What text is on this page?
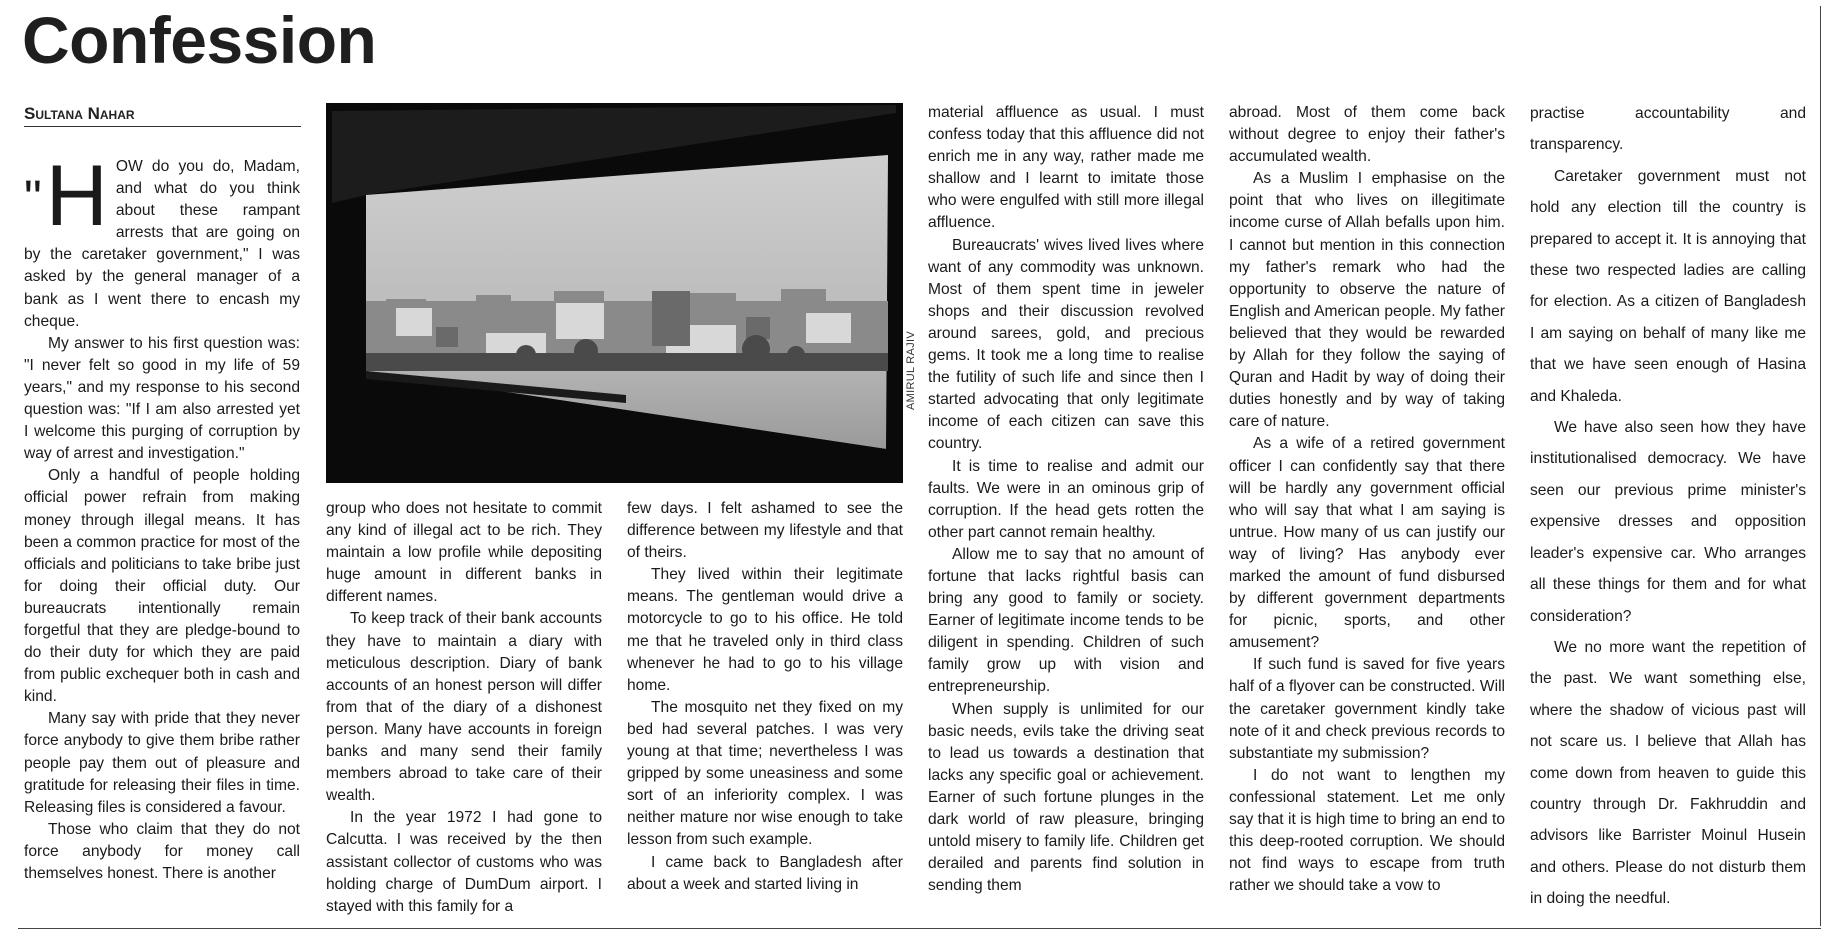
Confession
Sultana Nahar

"H OW do you do, Madam, and what do you think about these rampant arrests that are going on by the caretaker government," I was asked by the general manager of a bank as I went there to encash my cheque.

My answer to his first question was: "I never felt so good in my life of 59 years," and my response to his second question was: "If I am also arrested yet I welcome this purging of corruption by way of arrest and investigation."

Only a handful of people holding official power refrain from making money through illegal means. It has been a common practice for most of the officials and politicians to take bribe just for doing their official duty. Our bureaucrats intentionally remain forgetful that they are pledge-bound to do their duty for which they are paid from public exchequer both in cash and kind.

Many say with pride that they never force anybody to give them bribe rather people pay them out of pleasure and gratitude for releasing their files in time. Releasing files is considered a favour.

Those who claim that they do not force anybody for money call themselves honest. There is another

AMIRUL RAJIV

group who does not hesitate to commit any kind of illegal act to be rich. They maintain a low profile while depositing huge amount in different banks in different names.

To keep track of their bank accounts they have to maintain a diary with meticulous description. Diary of bank accounts of an honest person will differ from that of the diary of a dishonest person. Many have accounts in foreign banks and many send their family members abroad to take care of their wealth.

In the year 1972 I had gone to Calcutta. I was received by the then assistant collector of customs who was holding charge of DumDum airport. I stayed with this family for a

few days. I felt ashamed to see the difference between my lifestyle and that of theirs.

They lived within their legitimate means. The gentleman would drive a motorcycle to go to his office. He told me that he traveled only in third class whenever he had to go to his village home.

The mosquito net they fixed on my bed had several patches. I was very young at that time; nevertheless I was gripped by some uneasiness and some sort of an inferiority complex. I was neither mature nor wise enough to take lesson from such example.

I came back to Bangladesh after about a week and started living in

material affluence as usual. I must confess today that this affluence did not enrich me in any way, rather made me shallow and I learnt to imitate those who were engulfed with still more illegal affluence.

Bureaucrats' wives lived lives where want of any commodity was unknown. Most of them spent time in jeweler shops and their discussion revolved around sarees, gold, and precious gems. It took me a long time to realise the futility of such life and since then I started advocating that only legitimate income of each citizen can save this country.

It is time to realise and admit our faults. We were in an ominous grip of corruption. If the head gets rotten the other part cannot remain healthy.

Allow me to say that no amount of fortune that lacks rightful basis can bring any good to family or society. Earner of legitimate income tends to be diligent in spending. Children of such family grow up with vision and entrepreneurship.

When supply is unlimited for our basic needs, evils take the driving seat to lead us towards a destination that lacks any specific goal or achievement. Earner of such fortune plunges in the dark world of raw pleasure, bringing untold misery to family life. Children get derailed and parents find solution in sending them

abroad. Most of them come back without degree to enjoy their father's accumulated wealth.

As a Muslim I emphasise on the point that who lives on illegitimate income curse of Allah befalls upon him. I cannot but mention in this connection my father's remark who had the opportunity to observe the nature of English and American people. My father believed that they would be rewarded by Allah for they follow the saying of Quran and Hadit by way of doing their duties honestly and by way of taking care of nature.

As a wife of a retired government officer I can confidently say that there will be hardly any government official who will say that what I am saying is untrue. How many of us can justify our way of living? Has anybody ever marked the amount of fund disbursed by different government departments for picnic, sports, and other amusement?

If such fund is saved for five years half of a flyover can be constructed. Will the caretaker government kindly take note of it and check previous records to substantiate my submission?

I do not want to lengthen my confessional statement. Let me only say that it is high time to bring an end to this deep-rooted corruption. We should not find ways to escape from truth rather we should take a vow to

practise accountability and transparency.

Caretaker government must not hold any election till the country is prepared to accept it. It is annoying that these two respected ladies are calling for election. As a citizen of Bangladesh I am saying on behalf of many like me that we have seen enough of Hasina and Khaleda.

We have also seen how they have institutionalised democracy. We have seen our previous prime minister's expensive dresses and opposition leader's expensive car. Who arranges all these things for them and for what consideration?

We no more want the repetition of the past. We want something else, where the shadow of vicious past will not scare us. I believe that Allah has come down from heaven to guide this country through Dr. Fakhruddin and advisors like Barrister Moinul Husein and others. Please do not disturb them in doing the needful.
